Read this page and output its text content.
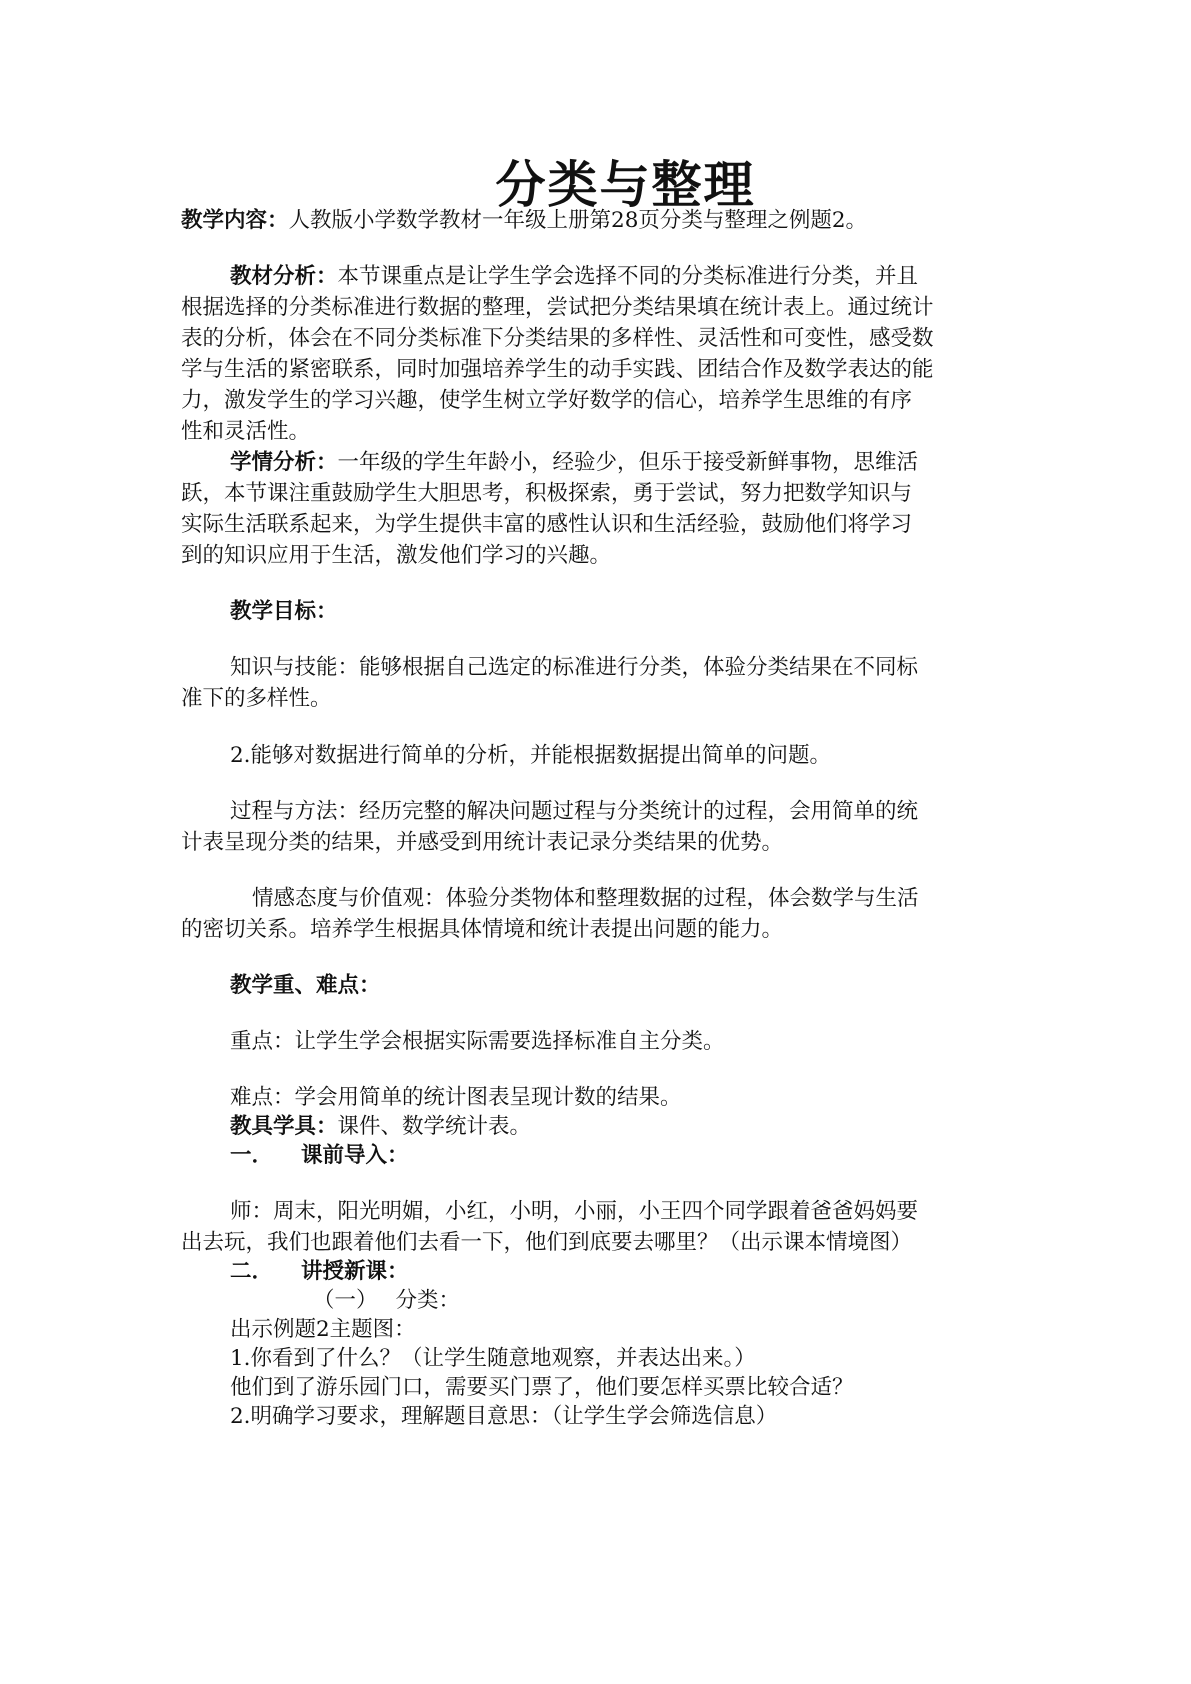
分类与整理
教学内容：人教版小学数学教材一年级上册第28页分类与整理之例题2。
教材分析：本节课重点是让学生学会选择不同的分类标准进行分类，并且
根据选择的分类标准进行数据的整理，尝试把分类结果填在统计表上。通过统计
表的分析，体会在不同分类标准下分类结果的多样性、灵活性和可变性，感受数
学与生活的紧密联系，同时加强培养学生的动手实践、团结合作及数学表达的能
力，激发学生的学习兴趣，使学生树立学好数学的信心，培养学生思维的有序
性和灵活性。
学情分析：一年级的学生年龄小，经验少，但乐于接受新鲜事物，思维活
跃，本节课注重鼓励学生大胆思考，积极探索，勇于尝试，努力把数学知识与
实际生活联系起来，为学生提供丰富的感性认识和生活经验，鼓励他们将学习
到的知识应用于生活，激发他们学习的兴趣。
教学目标：
知识与技能：能够根据自己选定的标准进行分类，体验分类结果在不同标
准下的多样性。
2.能够对数据进行简单的分析，并能根据数据提出简单的问题。
过程与方法：经历完整的解决问题过程与分类统计的过程，会用简单的统
计表呈现分类的结果，并感受到用统计表记录分类结果的优势。
情感态度与价值观：体验分类物体和整理数据的过程，体会数学与生活
的密切关系。培养学生根据具体情境和统计表提出问题的能力。
教学重、难点：
重点：让学生学会根据实际需要选择标准自主分类。
难点：学会用简单的统计图表呈现计数的结果。
教具学具：课件、数学统计表。
一． 课前导入：
师：周末，阳光明媚，小红，小明，小丽，小王四个同学跟着爸爸妈妈要
出去玩，我们也跟着他们去看一下，他们到底要去哪里？（出示课本情境图）
二． 讲授新课：
（一） 分类：
出示例题2主题图：
1.你看到了什么？（让学生随意地观察，并表达出来。）
他们到了游乐园门口，需要买门票了，他们要怎样买票比较合适？
2.明确学习要求，理解题目意思：（让学生学会筛选信息）
